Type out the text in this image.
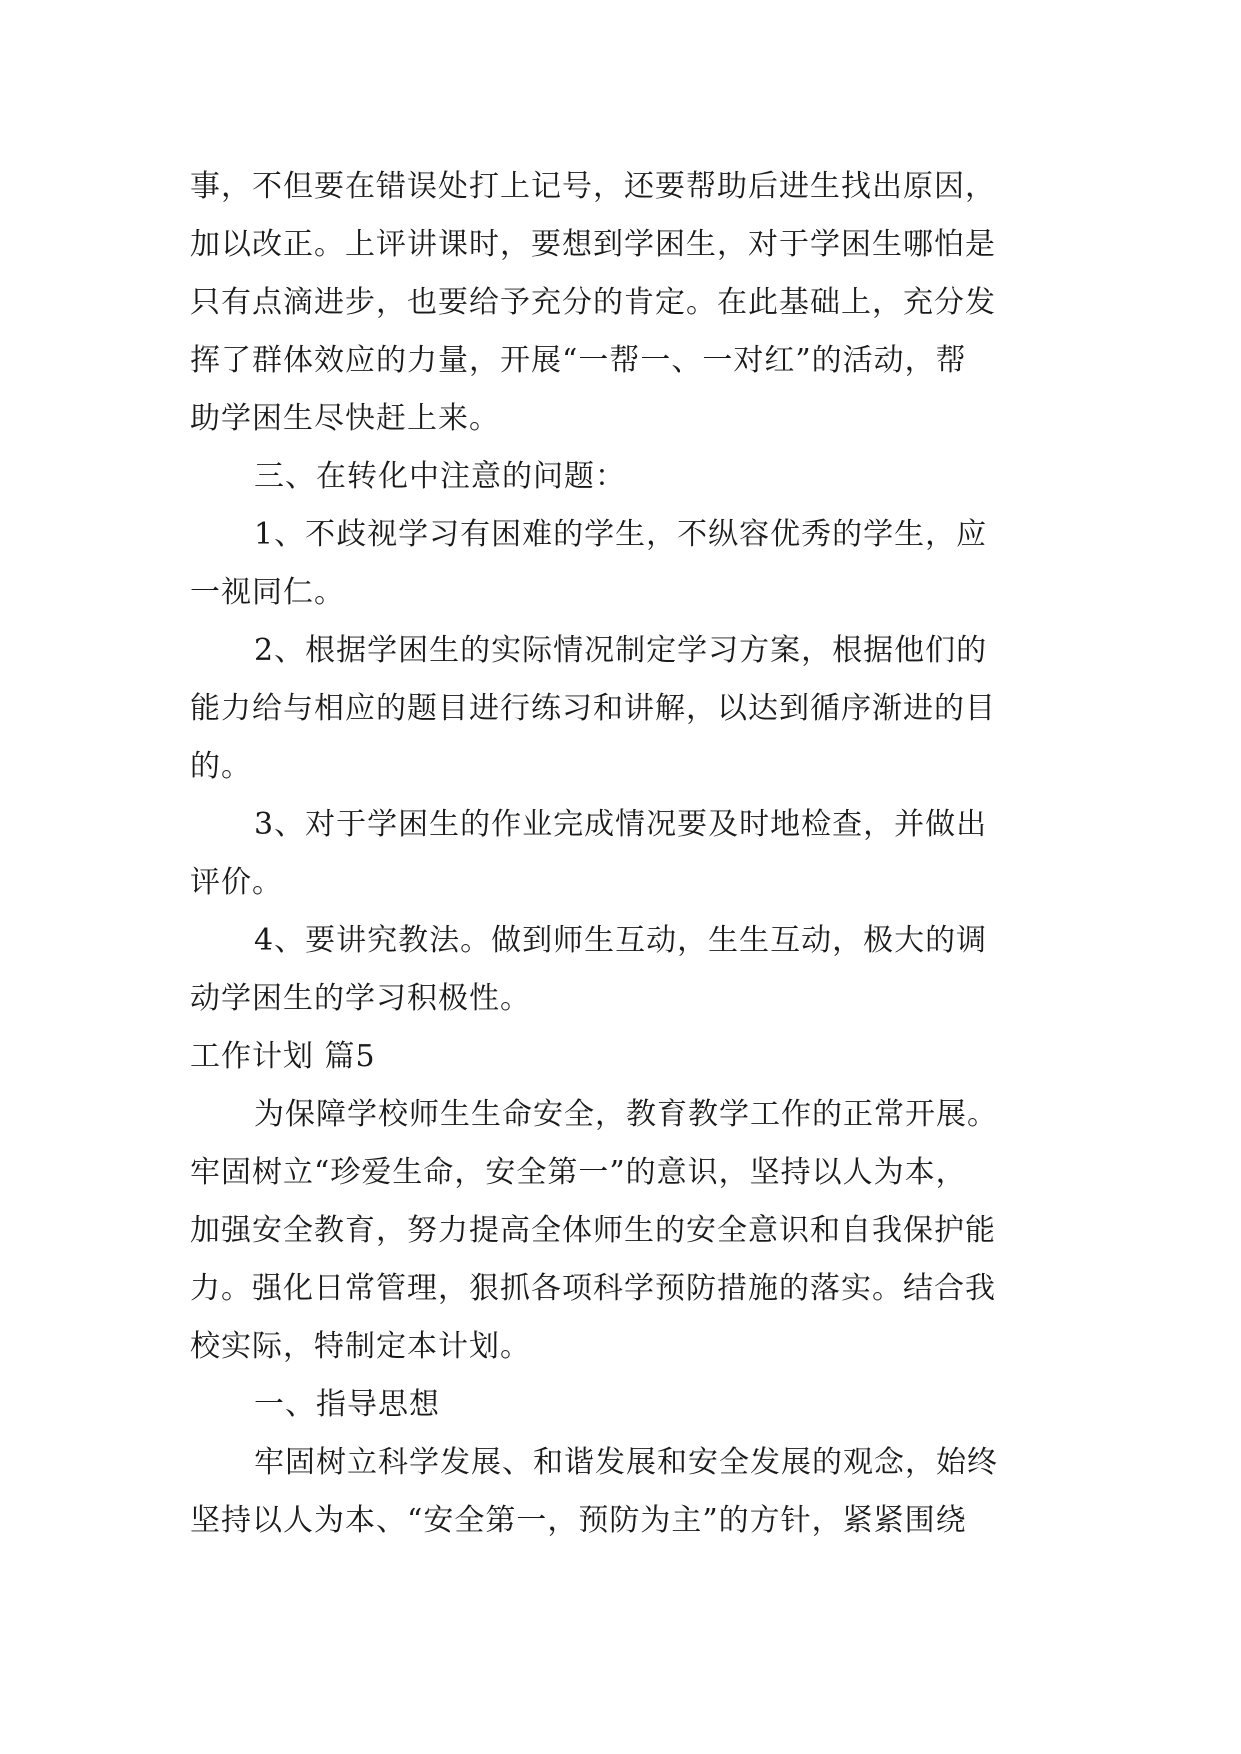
事，不但要在错误处打上记号，还要帮助后进生找出原因，
加以改正。上评讲课时，要想到学困生，对于学困生哪怕是
只有点滴进步，也要给予充分的肯定。在此基础上，充分发
挥了群体效应的力量，开展“一帮一、一对红”的活动，帮
助学困生尽快赶上来。
三、在转化中注意的问题：
1、不歧视学习有困难的学生，不纵容优秀的学生，应
一视同仁。
2、根据学困生的实际情况制定学习方案，根据他们的
能力给与相应的题目进行练习和讲解，以达到循序渐进的目
的。
3、对于学困生的作业完成情况要及时地检查，并做出
评价。
4、要讲究教法。做到师生互动，生生互动，极大的调
动学困生的学习积极性。
工作计划 篇5
为保障学校师生生命安全，教育教学工作的正常开展。
牢固树立“珍爱生命，安全第一”的意识，坚持以人为本，
加强安全教育，努力提高全体师生的安全意识和自我保护能
力。强化日常管理，狠抓各项科学预防措施的落实。结合我
校实际，特制定本计划。
一、指导思想
牢固树立科学发展、和谐发展和安全发展的观念，始终
坚持以人为本、“安全第一，预防为主”的方针，紧紧围绕
